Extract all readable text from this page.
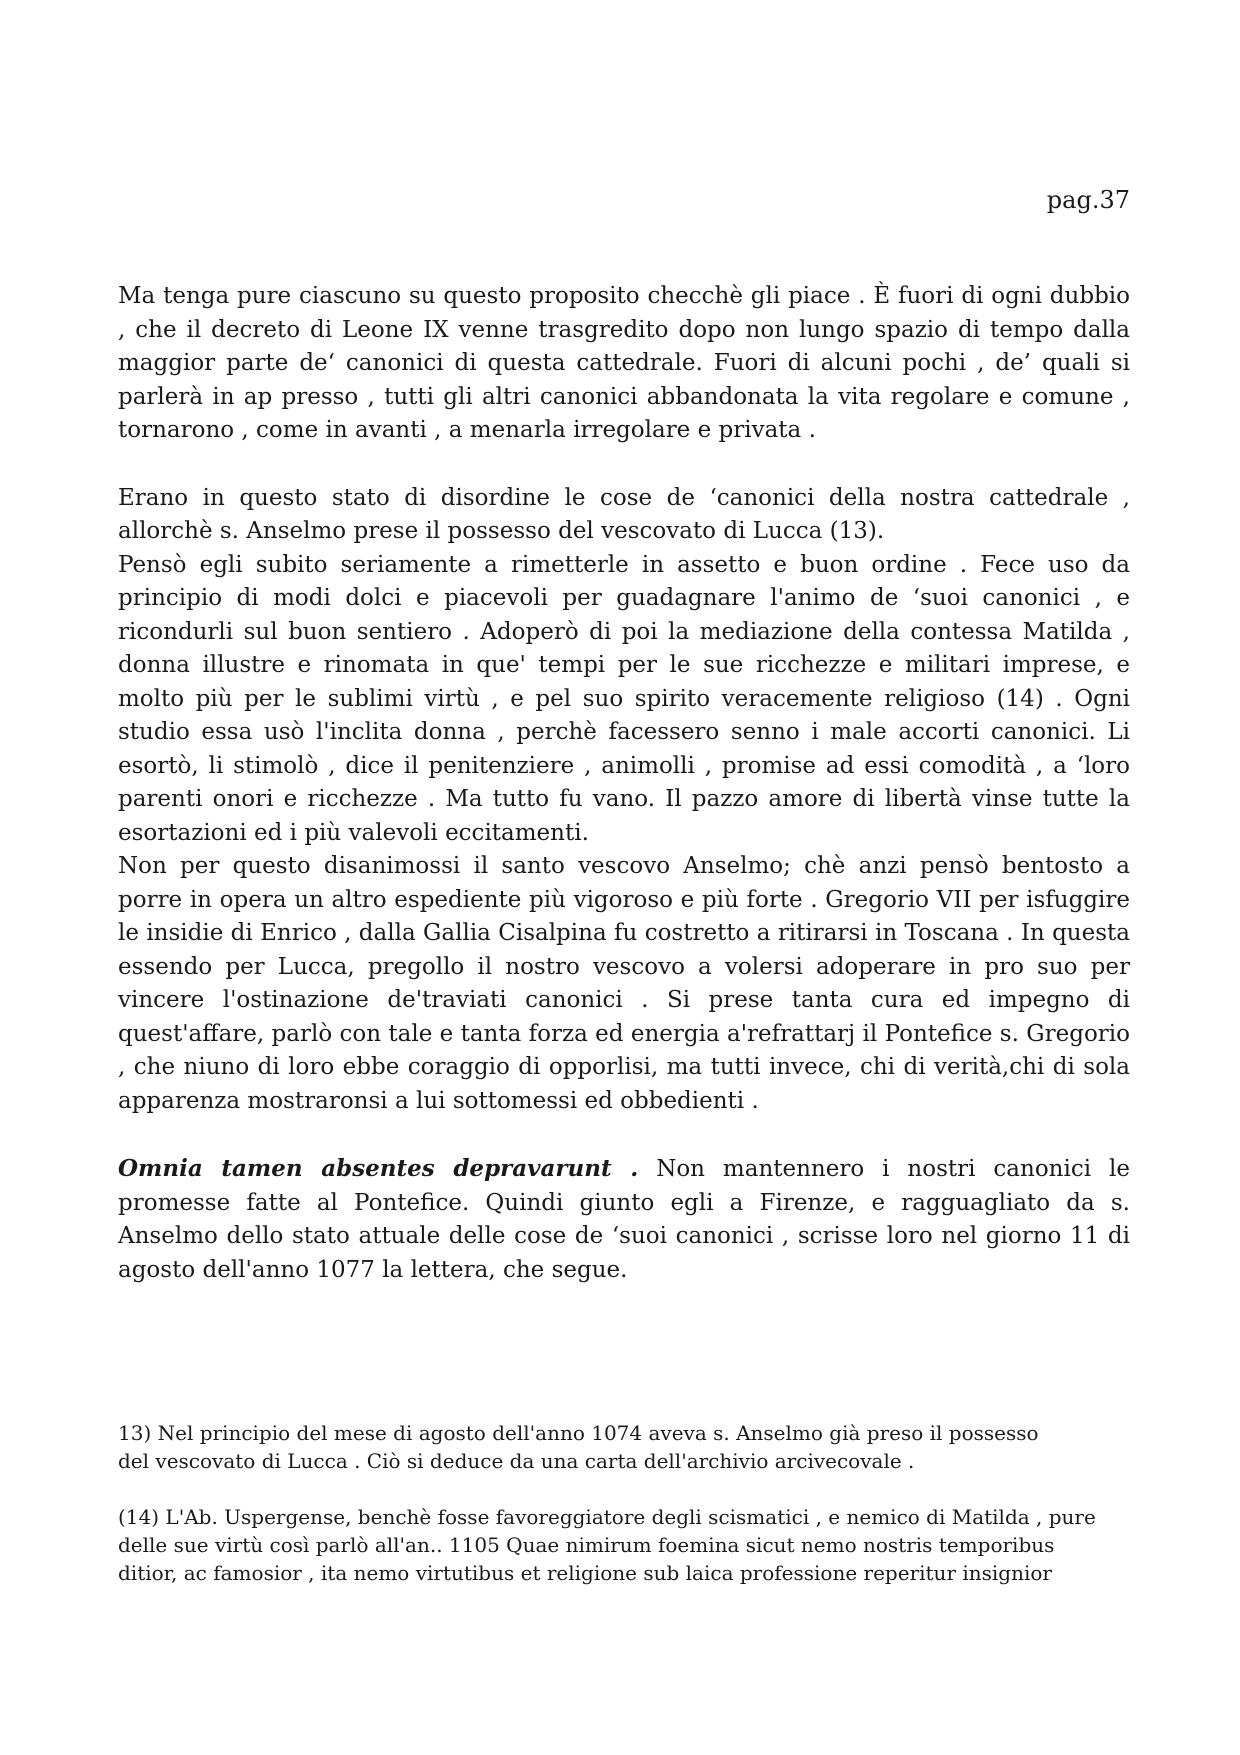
pag.37

Ma tenga pure ciascuno su questo proposito checchè gli piace . È fuori di ogni dubbio , che il decreto di Leone IX venne trasgredito dopo non lungo spazio di tempo dalla maggior parte de‘ canonici di questa cattedrale. Fuori di alcuni pochi , de’ quali si parlerà in ap presso , tutti gli altri canonici abbandonata la vita regolare e comune , tornarono , come in avanti , a menarla irregolare e privata .

Erano in questo stato di disordine le cose de ‘canonici della nostra cattedrale , allorchè s. Anselmo prese il possesso del vescovato di Lucca (13).

Pensò egli subito seriamente a rimetterle in assetto e buon ordine . Fece uso da principio di modi dolci e piacevoli per guadagnare l'animo de ‘suoi canonici , e ricondurli sul buon sentiero . Adoperò di poi la mediazione della contessa Matilda , donna illustre e rinomata in que' tempi per le sue ricchezze e militari imprese, e molto più per le sublimi virtù , e pel suo spirito veracemente religioso (14) . Ogni studio essa usò l'inclita donna , perchè facessero senno i male accorti canonici. Li esortò, li stimolò , dice il penitenziere , animolli , promise ad essi comodità , a ‘loro parenti onori e ricchezze . Ma tutto fu vano. Il pazzo amore di libertà vinse tutte la esortazioni ed i più valevoli eccitamenti.

Non per questo disanimossi il santo vescovo Anselmo; chè anzi pensò bentosto a porre in opera un altro espediente più vigoroso e più forte . Gregorio VII per isfuggire le insidie di Enrico , dalla Gallia Cisalpina fu costretto a ritirarsi in Toscana . In questa essendo per Lucca, pregollo il nostro vescovo a volersi adoperare in pro suo per vincere l'ostinazione de'traviati canonici . Si prese tanta cura ed impegno di quest'affare, parlò con tale e tanta forza ed energia a'refrattarj il Pontefice s. Gregorio , che niuno di loro ebbe coraggio di opporlisi, ma tutti invece, chi di verità,chi di sola apparenza mostraronsi a lui sottomessi ed obbedienti .

Omnia tamen absentes depravarunt . Non mantennero i nostri canonici le promesse fatte al Pontefice. Quindi giunto egli a Firenze, e ragguagliato da s. Anselmo dello stato attuale delle cose de ‘suoi canonici , scrisse loro nel giorno 11 di agosto dell'anno 1077 la lettera, che segue.

13) Nel principio del mese di agosto dell'anno 1074 aveva s. Anselmo già preso il possesso
del vescovato di Lucca . Ciò si deduce da una carta dell'archivio arcivecovale .
(14) L'Ab. Uspergense, benchè fosse favoreggiatore degli scismatici , e nemico di Matilda , pure
delle sue virtù così parlò all'an.. 1105 Quae nimirum foemina sicut nemo nostris temporibus
ditior, ac famosior , ita nemo virtutibus et religione sub laica professione reperitur insignior
